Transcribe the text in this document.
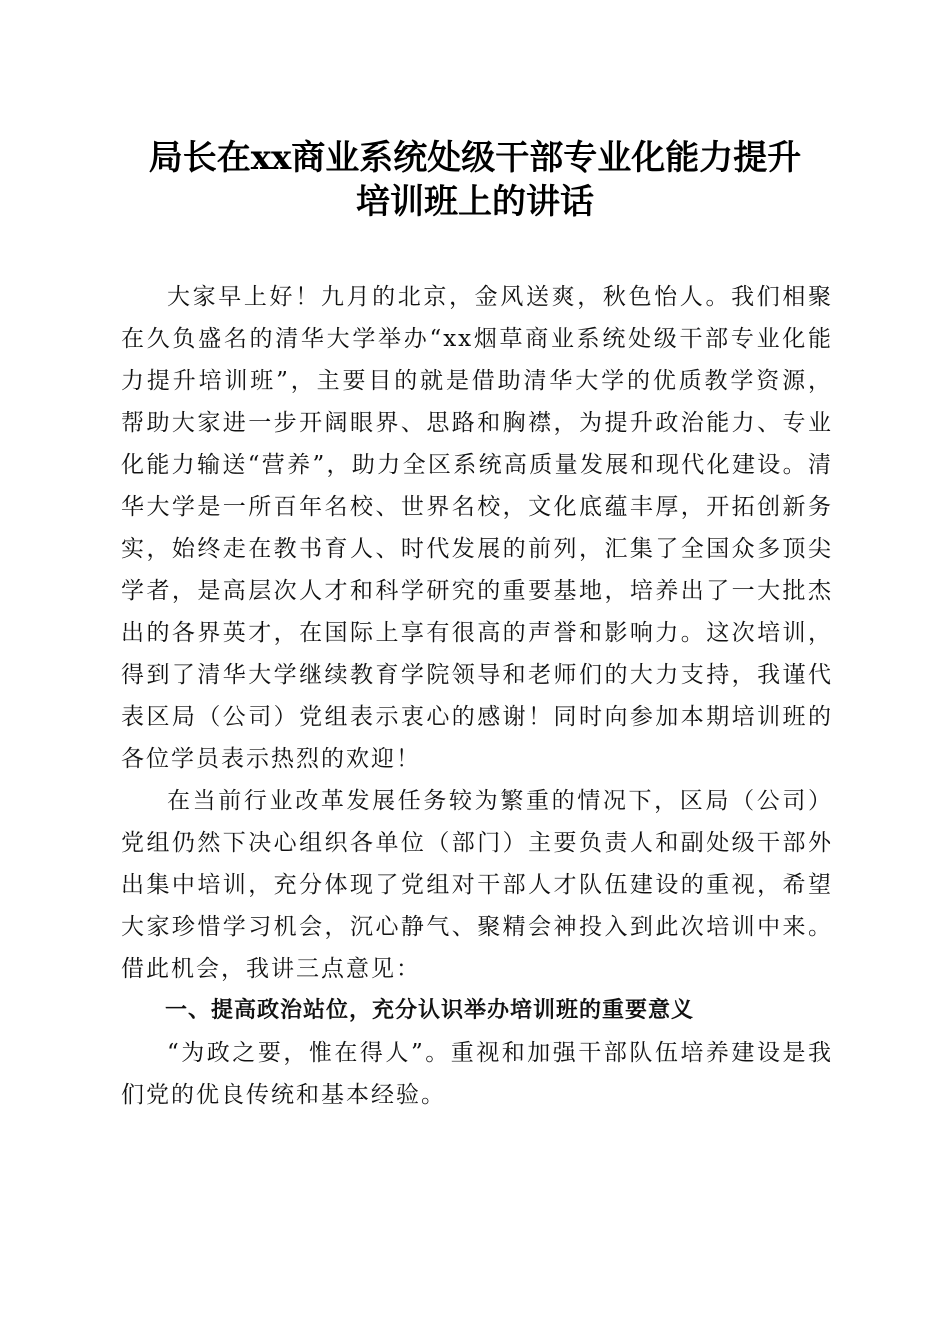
局长在xx商业系统处级干部专业化能力提升
培训班上的讲话

大家早上好！九月的北京，金风送爽，秋色怡人。我们相聚在久负盛名的清华大学举办“xx烟草商业系统处级干部专业化能力提升培训班”，主要目的就是借助清华大学的优质教学资源，帮助大家进一步开阔眼界、思路和胸襟，为提升政治能力、专业化能力输送“营养”，助力全区系统高质量发展和现代化建设。清华大学是一所百年名校、世界名校，文化底蕴丰厚，开拓创新务实，始终走在教书育人、时代发展的前列，汇集了全国众多顶尖学者，是高层次人才和科学研究的重要基地，培养出了一大批杰出的各界英才，在国际上享有很高的声誉和影响力。这次培训，得到了清华大学继续教育学院领导和老师们的大力支持，我谨代表区局（公司）党组表示衷心的感谢！同时向参加本期培训班的各位学员表示热烈的欢迎！

在当前行业改革发展任务较为繁重的情况下，区局（公司）党组仍然下决心组织各单位（部门）主要负责人和副处级干部外出集中培训，充分体现了党组对干部人才队伍建设的重视，希望大家珍惜学习机会，沉心静气、聚精会神投入到此次培训中来。借此机会，我讲三点意见：

一、提高政治站位，充分认识举办培训班的重要意义

“为政之要，惟在得人”。重视和加强干部队伍培养建设是我们党的优良传统和基本经验。
